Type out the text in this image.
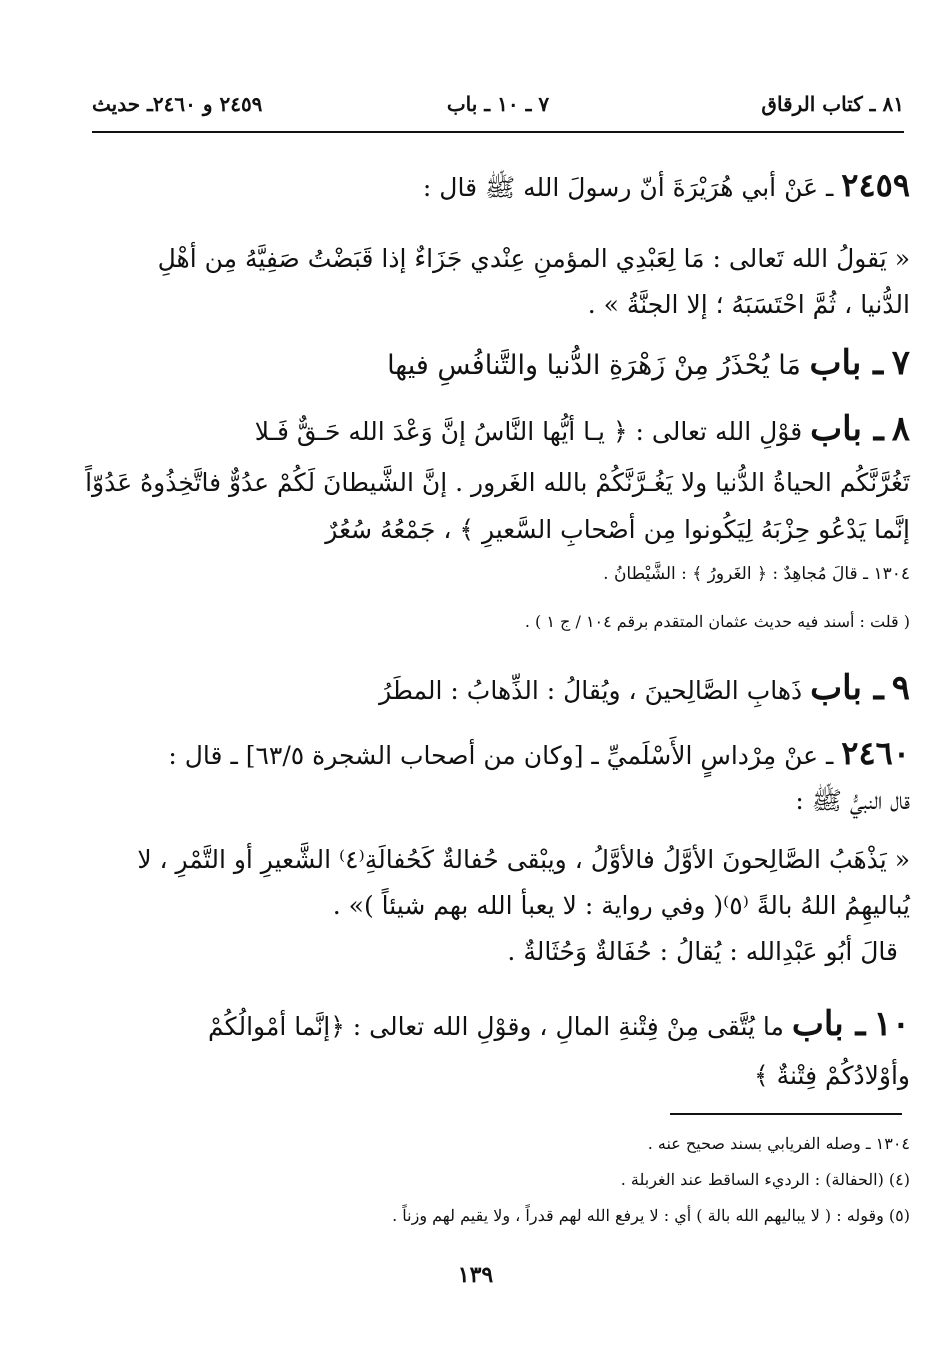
٨١ ـ كتاب الرقاق
٧ ـ ١٠ ـ باب
٢٤٥٩ و ٢٤٦٠ـ حديث
٢٤٥٩ ـ عَنْ أبي هُرَيْرَةَ أنّ رسولَ الله ﷺ قال :
« يَقولُ الله تَعالى : مَا لِعَبْدِي المؤمنِ عِنْدي جَزَاءٌ إذا قَبَضْتُ صَفِيَّهُ مِن أهْلِ
الدُّنيا ، ثُمَّ احْتَسَبَهُ ؛ إلا الجنَّةُ » .
٧ ـ باب مَا يُحْذَرُ مِنْ زَهْرَةِ الدُّنيا والتَّنافُسِ فيها
٨ ـ باب قوْلِ الله تعالى : ﴿ يـا أيُّها النَّاسُ إنَّ وَعْدَ الله حَـقٌّ فَـلا
تَغُرَّنَّكُم الحياةُ الدُّنيا ولا يَغُـرَّنَّكُمْ بالله الغَرور . إنَّ الشَّيطانَ لَكُمْ عدُوٌّ فاتَّخِذُوهُ عَدُوّاً
إنَّما يَدْعُو حِزْبَهُ لِيَكُونوا مِن أصْحابِ السَّعيرِ ﴾ ، جَمْعُهُ سُعُرٌ
١٣٠٤ ـ قالَ مُجاهِدٌ : ﴿ الغَرورُ ﴾ : الشَّيْطانُ .
( قلت : أسند فيه حديث عثمان المتقدم برقم ١٠٤ / ج ١ ) .
٩ ـ باب ذَهابِ الصَّالِحينَ ، ويُقالُ : الذِّهابُ : المطَرُ
٢٤٦٠ ـ عنْ مِرْداسٍ الأَسْلَميِّ ـ [وكان من أصحاب الشجرة ٦٣/٥] ـ قال :
قال النبيُّ ﷺ :
« يَذْهَبُ الصَّالِحونَ الأوَّلُ فالأوَّلُ ، ويبْقى حُفالةٌ كَحُفالَةِ⁽٤⁾ الشَّعيرِ أو التَّمْرِ ، لا
يُباليهِمُ اللهُ بالةً ⁽٥⁾( وفي رواية : لا يعبأ الله بهم شيئاً )» .
قالَ أبُو عَبْدِالله : يُقالُ : حُفَالةٌ وَحُثَالةٌ .
١٠ ـ باب ما يُتَّقى مِنْ فِتْنةِ المالِ ، وقوْلِ الله تعالى : ﴿إنَّما أمْوالُكُمْ
وأوْلادُكُمْ فِتْنةٌ ﴾
١٣٠٤ ـ وصله الفريابي بسند صحيح عنه .
(٤) (الحفالة) : الرديء الساقط عند الغربلة .
(٥) وقوله : ( لا يباليهم الله بالة ) أي : لا يرفع الله لهم قدراً ، ولا يقيم لهم وزناً .
١٣٩
